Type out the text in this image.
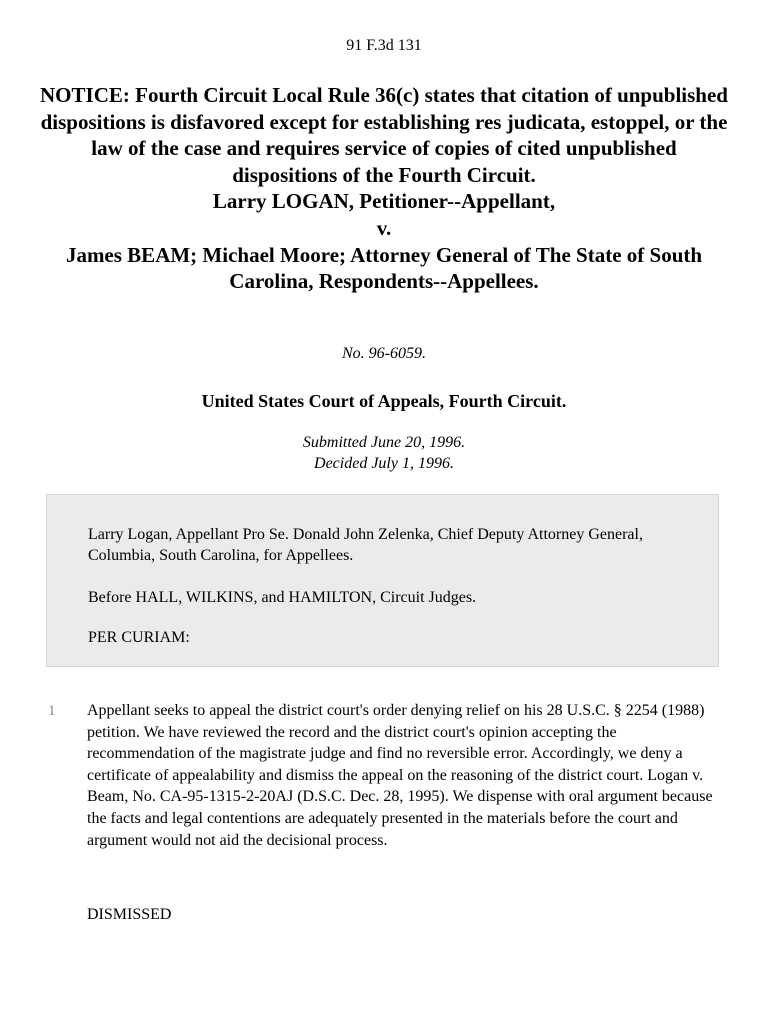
91 F.3d 131
NOTICE: Fourth Circuit Local Rule 36(c) states that citation of unpublished dispositions is disfavored except for establishing res judicata, estoppel, or the law of the case and requires service of copies of cited unpublished dispositions of the Fourth Circuit.
Larry LOGAN, Petitioner--Appellant,
v.
James BEAM; Michael Moore; Attorney General of The State of South Carolina, Respondents--Appellees.
No. 96-6059.
United States Court of Appeals, Fourth Circuit.
Submitted June 20, 1996.
Decided July 1, 1996.

Larry Logan, Appellant Pro Se. Donald John Zelenka, Chief Deputy Attorney General, Columbia, South Carolina, for Appellees.

Before HALL, WILKINS, and HAMILTON, Circuit Judges.

PER CURIAM:

1 Appellant seeks to appeal the district court's order denying relief on his 28 U.S.C. § 2254 (1988) petition. We have reviewed the record and the district court's opinion accepting the recommendation of the magistrate judge and find no reversible error. Accordingly, we deny a certificate of appealability and dismiss the appeal on the reasoning of the district court. Logan v. Beam, No. CA-95-1315-2-20AJ (D.S.C. Dec. 28, 1995). We dispense with oral argument because the facts and legal contentions are adequately presented in the materials before the court and argument would not aid the decisional process.

DISMISSED
